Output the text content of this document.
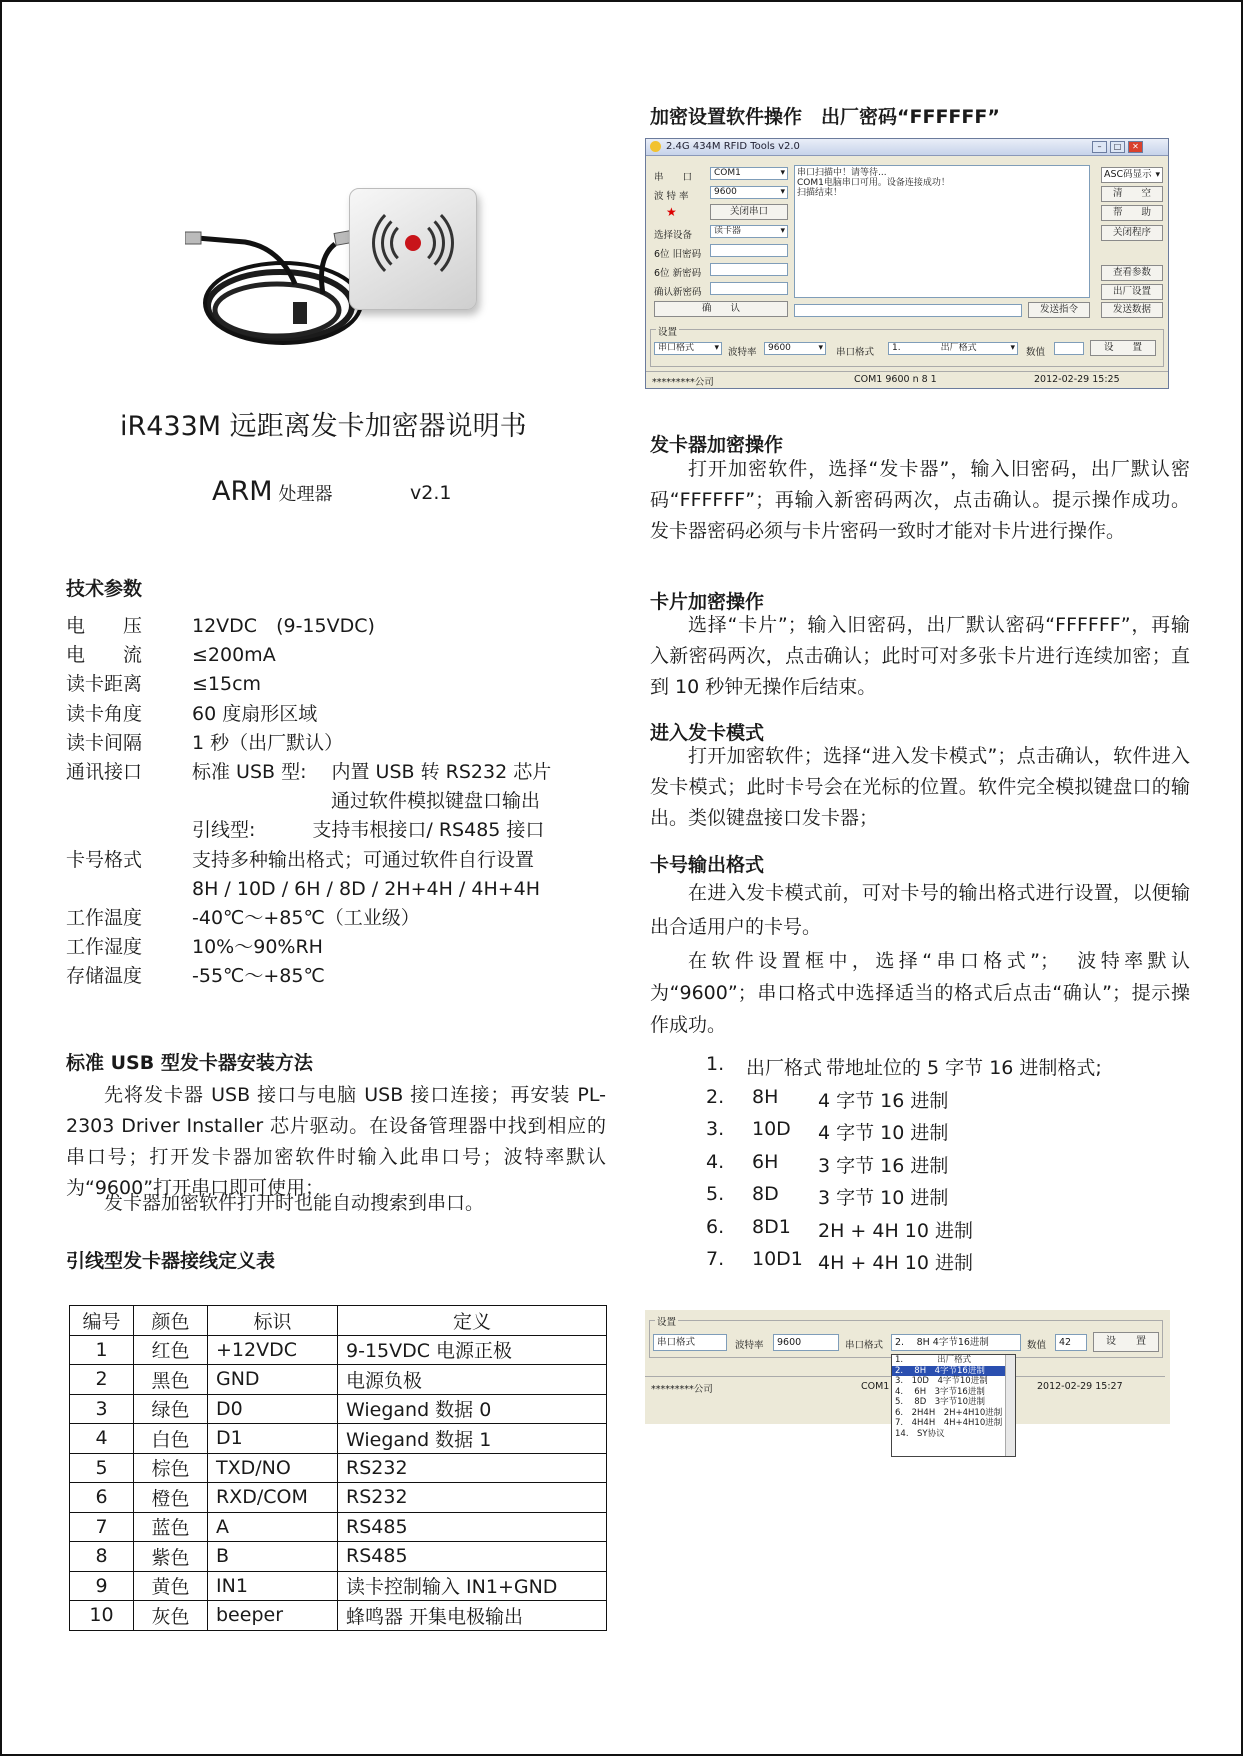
iR433M 远距离发卡加密器说明书
ARM 处理器	v2.1
技术参数
电　　压	12VDC　(9-15VDC)
电　　流	≤200mA
读卡距离	≤15cm
读卡角度	60 度扇形区域
读卡间隔	1 秒（出厂默认）
通讯接口	标准 USB 型:　 内置 USB 转 RS232 芯片
　　　　　　　 通过软件模拟键盘口输出
引线型:　　　支持韦根接口/ RS485 接口
卡号格式	支持多种输出格式；可通过软件自行设置
8H / 10D / 6H / 8D / 2H+4H / 4H+4H
工作温度	-40℃～+85℃（工业级）
工作湿度	10%～90%RH
存储温度	-55℃～+85℃
标准 USB 型发卡器安装方法
先将发卡器 USB 接口与电脑 USB 接口连接；再安装 PL-2303 Driver Installer 芯片驱动。在设备管理器中找到相应的串口号；打开发卡器加密软件时输入此串口号；波特率默认为“9600”打开串口即可使用；
发卡器加密软件打开时也能自动搜索到串口。
引线型发卡器接线定义表
编号	颜色	标识	定义
1	红色	+12VDC	9-15VDC 电源正极
2	黑色	GND	电源负极
3	绿色	D0	Wiegand 数据 0
4	白色	D1	Wiegand 数据 1
5	棕色	TXD/NO	RS232
6	橙色	RXD/COM	RS232
7	蓝色	A	RS485
8	紫色	B	RS485
9	黄色	IN1	读卡控制输入 IN1+GND
10	灰色	beeper	蜂鸣器 开集电极输出
加密设置软件操作　出厂密码“FFFFFF”
2.4G 434M RFID Tools v2.0	–	□	✕
串　　口	COM1 ▾
波 特 率	9600 ▾
★	关闭串口
选择设备	读卡器 ▾
6位 旧密码
6位 新密码
确认新密码
确　　认
串口扫描中！请等待...
COM1电脑串口可用。设备连接成功！
扫描结束！
发送指令
ASC码显示 ▾
清　　空
帮　　助
关闭程序
查看参数
出厂设置
发送数据
设置
串口格式 ▾	波特率	9600 ▾	串口格式	1.	出厂格式 ▾	数值	设　　置
*********公司	COM1 9600 n 8 1	2012-02-29 15:25
发卡器加密操作
打开加密软件，选择“发卡器”，输入旧密码，出厂默认密码“FFFFFF”；再输入新密码两次，点击确认。提示操作成功。发卡器密码必须与卡片密码一致时才能对卡片进行操作。
卡片加密操作
选择“卡片”；输入旧密码，出厂默认密码“FFFFFF”，再输入新密码两次，点击确认；此时可对多张卡片进行连续加密；直到 10 秒钟无操作后结束。
进入发卡模式
打开加密软件；选择“进入发卡模式”；点击确认，软件进入发卡模式；此时卡号会在光标的位置。软件完全模拟键盘口的输出。类似键盘接口发卡器；
卡号输出格式
在进入发卡模式前，可对卡号的输出格式进行设置，以便输出合适用户的卡号。
在软件设置框中，选择“串口格式”；　波特率默认为“9600”；串口格式中选择适当的格式后点击“确认”；提示操作成功。
1. 出厂格式 带地址位的 5 字节 16 进制格式;
2. 8H 4 字节 16 进制
3. 10D 4 字节 10 进制
4. 6H 3 字节 16 进制
5. 8D 3 字节 10 进制
6. 8D1 2H + 4H 10 进制
7. 10D1 4H + 4H 10 进制
设置
串口格式	波特率	9600	串口格式	2.　 8H 4字节16进制	数值	42	设　　置
*********公司	COM1	2012-02-29 15:27
1.　　　　出厂格式
2.　 8H　4字节16进制
3.　10D　4字节10进制
4.　 6H　3字节16进制
5.　 8D　3字节10进制
6.　2H4H　2H+4H10进制
7.　4H4H　4H+4H10进制
14.　SY协议
